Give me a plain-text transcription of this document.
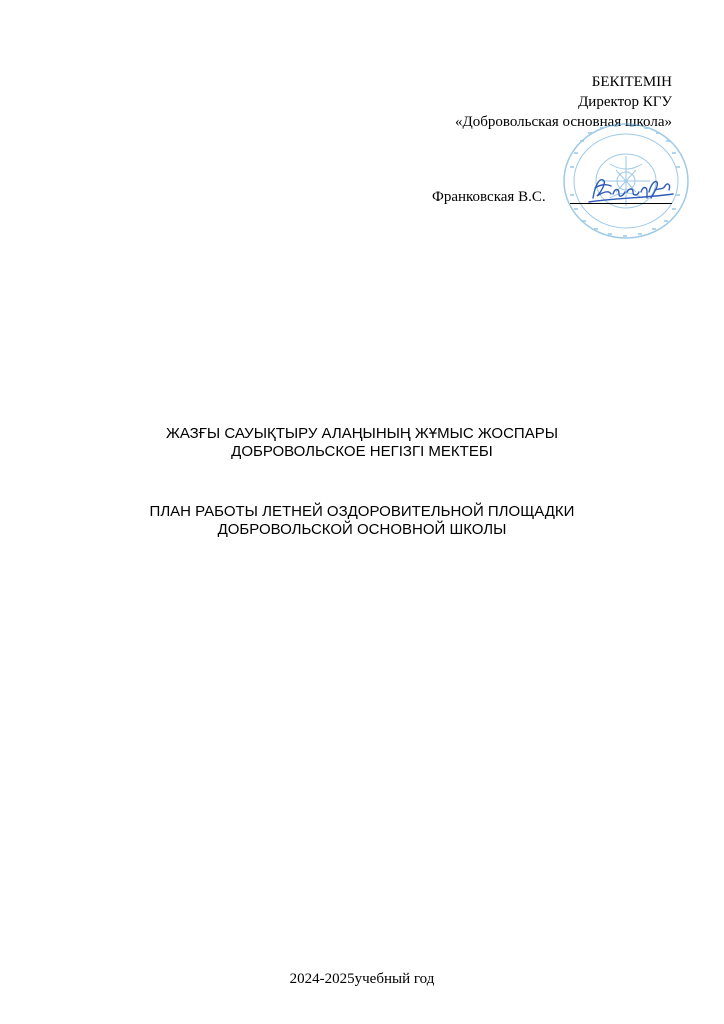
БЕКІТЕМІН
Директор КГУ
«Добровольская основная школа»
Франковская В.С.
ЖАЗҒЫ САУЫҚТЫРУ АЛАҢЫНЫҢ ЖҰМЫС ЖОСПАРЫ
ДОБРОВОЛЬСКОЕ НЕГІЗГІ МЕКТЕБІ
ПЛАН РАБОТЫ ЛЕТНЕЙ ОЗДОРОВИТЕЛЬНОЙ ПЛОЩАДКИ
ДОБРОВОЛЬСКОЙ ОСНОВНОЙ ШКОЛЫ
2024-2025учебный год
